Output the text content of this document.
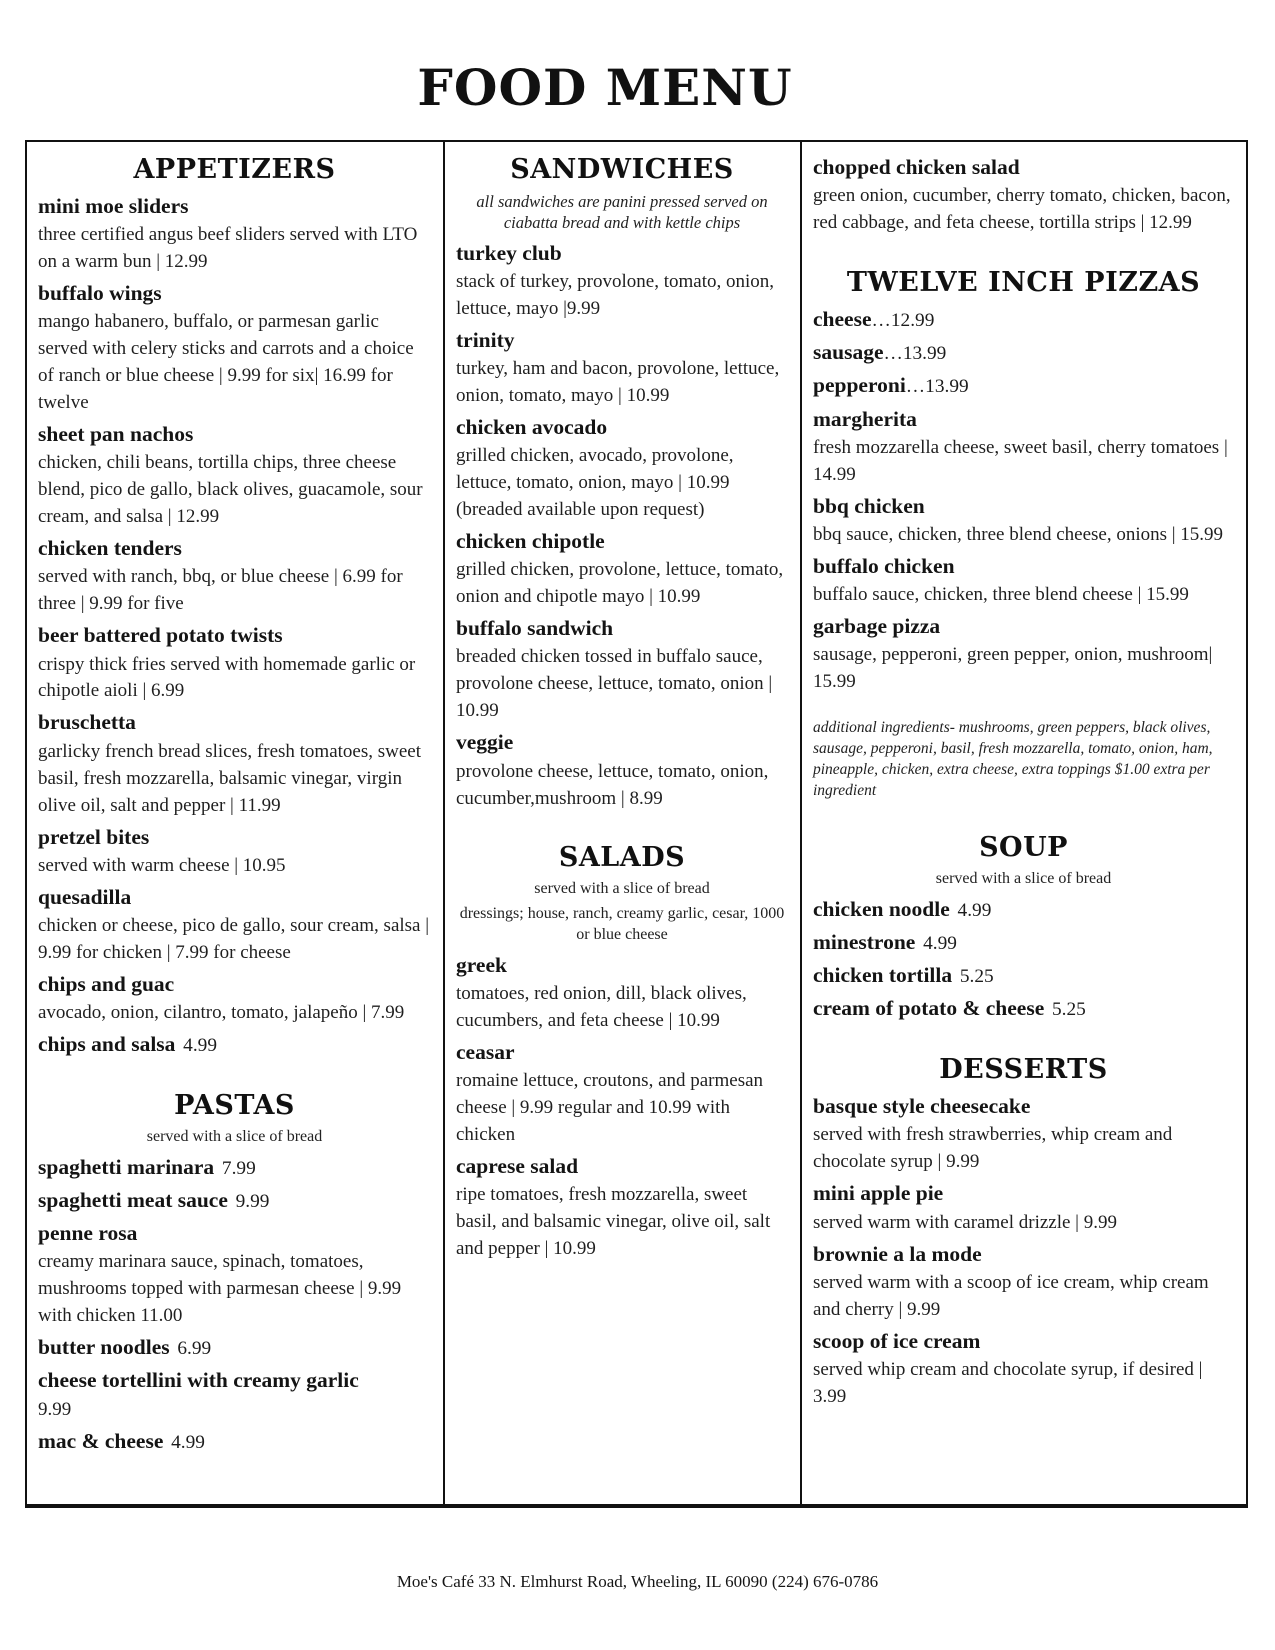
FOOD MENU
APPETIZERS

mini moe sliders

three certified angus beef sliders served with LTO on a warm bun | 12.99

buffalo wings

mango habanero, buffalo, or parmesan garlic served with celery sticks and carrots and a choice of ranch or blue cheese | 9.99 for six| 16.99 for twelve

sheet pan nachos

chicken, chili beans, tortilla chips, three cheese blend, pico de gallo, black olives, guacamole, sour cream, and salsa | 12.99

chicken tenders

served with ranch, bbq, or blue cheese | 6.99 for three | 9.99 for five

beer battered potato twists

crispy thick fries served with homemade garlic or chipotle aioli | 6.99

bruschetta

garlicky french bread slices, fresh tomatoes, sweet basil, fresh mozzarella, balsamic vinegar, virgin olive oil, salt and pepper | 11.99

pretzel bites

served with warm cheese | 10.95

quesadilla

chicken or cheese, pico de gallo, sour cream, salsa | 9.99 for chicken | 7.99 for cheese

chips and guac

avocado, onion, cilantro, tomato, jalapeño | 7.99

chips and salsa 4.99

PASTAS

served with a slice of bread

spaghetti marinara 7.99

spaghetti meat sauce 9.99

penne rosa

creamy marinara sauce, spinach, tomatoes, mushrooms topped with parmesan cheese | 9.99 with chicken 11.00

butter noodles 6.99

cheese tortellini with creamy garlic

9.99

mac & cheese 4.99

SANDWICHES

all sandwiches are panini pressed served on ciabatta bread and with kettle chips

turkey club

stack of turkey, provolone, tomato, onion, lettuce, mayo |9.99

trinity

turkey, ham and bacon, provolone, lettuce, onion, tomato, mayo | 10.99

chicken avocado

grilled chicken, avocado, provolone, lettuce, tomato, onion, mayo | 10.99 (breaded available upon request)

chicken chipotle

grilled chicken, provolone, lettuce, tomato, onion and chipotle mayo | 10.99

buffalo sandwich

breaded chicken tossed in buffalo sauce, provolone cheese, lettuce, tomato, onion | 10.99

veggie

provolone cheese, lettuce, tomato, onion, cucumber,mushroom | 8.99

SALADS

served with a slice of bread

dressings; house, ranch, creamy garlic, cesar, 1000 or blue cheese

greek

tomatoes, red onion, dill, black olives, cucumbers, and feta cheese | 10.99

ceasar

romaine lettuce, croutons, and parmesan cheese | 9.99 regular and 10.99 with chicken

caprese salad

ripe tomatoes, fresh mozzarella, sweet basil, and balsamic vinegar, olive oil, salt and pepper | 10.99

chopped chicken salad

green onion, cucumber, cherry tomato, chicken, bacon, red cabbage, and feta cheese, tortilla strips | 12.99

TWELVE INCH PIZZAS

cheese…12.99

sausage…13.99

pepperoni…13.99

margherita

fresh mozzarella cheese, sweet basil, cherry tomatoes | 14.99

bbq chicken

bbq sauce, chicken, three blend cheese, onions | 15.99

buffalo chicken

buffalo sauce, chicken, three blend cheese | 15.99

garbage pizza

sausage, pepperoni, green pepper, onion, mushroom| 15.99

additional ingredients- mushrooms, green peppers, black olives, sausage, pepperoni, basil, fresh mozzarella, tomato, onion, ham, pineapple, chicken, extra cheese, extra toppings $1.00 extra per ingredient

SOUP

served with a slice of bread

chicken noodle 4.99

minestrone 4.99

chicken tortilla 5.25

cream of potato & cheese 5.25

DESSERTS

basque style cheesecake

served with fresh strawberries, whip cream and chocolate syrup | 9.99

mini apple pie

served warm with caramel drizzle | 9.99

brownie a la mode

served warm with a scoop of ice cream, whip cream and cherry | 9.99

scoop of ice cream

served whip cream and chocolate syrup, if desired | 3.99

Moe's Café 33 N. Elmhurst Road, Wheeling, IL 60090 (224) 676-0786
